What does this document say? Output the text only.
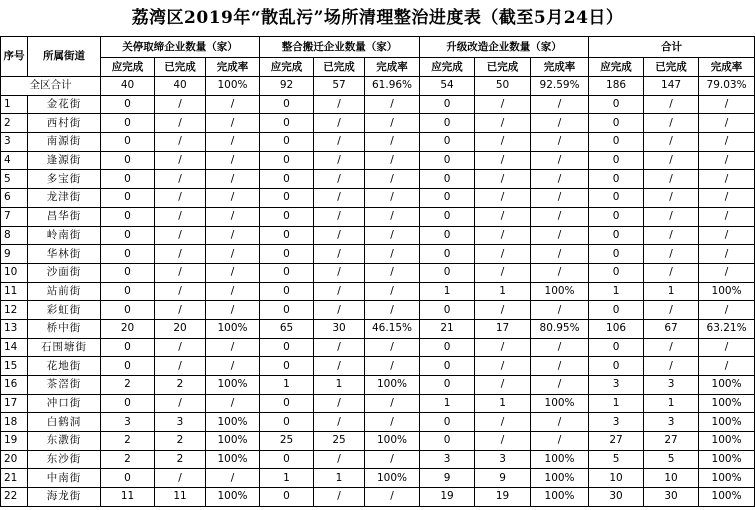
荔湾区2019年“散乱污”场所清理整治进度表（截至5月24日）
序号	所属街道	关停取缔企业数量（家）			整合搬迁企业数量（家）			升级改造企业数量（家）			合计		
		应完成	已完成	完成率	应完成	已完成	完成率	应完成	已完成	完成率	应完成	已完成	完成率
全区合计		40	40	100%	92	57	61.96%	54	50	92.59%	186	147	79.03%
1	金花街	0	/	/	0	/	/	0	/	/	0	/	/
2	西村街	0	/	/	0	/	/	0	/	/	0	/	/
3	南源街	0	/	/	0	/	/	0	/	/	0	/	/
4	逢源街	0	/	/	0	/	/	0	/	/	0	/	/
5	多宝街	0	/	/	0	/	/	0	/	/	0	/	/
6	龙津街	0	/	/	0	/	/	0	/	/	0	/	/
7	昌华街	0	/	/	0	/	/	0	/	/	0	/	/
8	岭南街	0	/	/	0	/	/	0	/	/	0	/	/
9	华林街	0	/	/	0	/	/	0	/	/	0	/	/
10	沙面街	0	/	/	0	/	/	0	/	/	0	/	/
11	站前街	0	/	/	0	/	/	1	1	100%	1	1	100%
12	彩虹街	0	/	/	0	/	/	0	/	/	0	/	/
13	桥中街	20	20	100%	65	30	46.15%	21	17	80.95%	106	67	63.21%
14	石围塘街	0	/	/	0	/	/	0	/	/	0	/	/
15	花地街	0	/	/	0	/	/	0	/	/	0	/	/
16	茶滘街	2	2	100%	1	1	100%	0	/	/	3	3	100%
17	冲口街	0	/	/	0	/	/	1	1	100%	1	1	100%
18	白鹤洞	3	3	100%	0	/	/	0	/	/	3	3	100%
19	东漖街	2	2	100%	25	25	100%	0	/	/	27	27	100%
20	东沙街	2	2	100%	0	/	/	3	3	100%	5	5	100%
21	中南街	0	/	/	1	1	100%	9	9	100%	10	10	100%
22	海龙街	11	11	100%	0	/	/	19	19	100%	30	30	100%
